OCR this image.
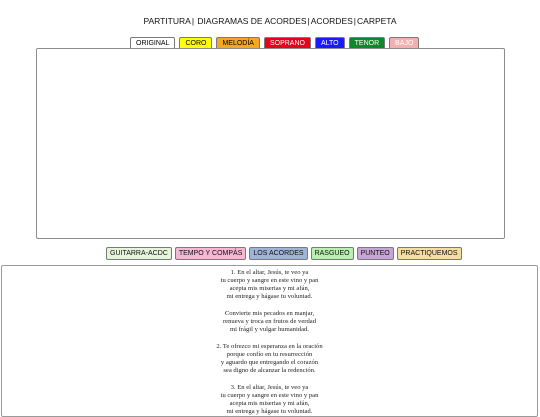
PARTITURA| DIAGRAMAS DE ACORDES|ACORDES|CARPETA
ORIGINAL	CORO	MELODÍA	SOPRANO	ALTO	TENOR	BAJO
GUITARRA-ACDC	TEMPO Y COMPÁS	LOS ACORDES	RASGUEO	PUNTEO	PRACTIQUEMOS
1. En el altar, Jesús, te veo ya
tu cuerpo y sangre en este vino y pan
acepta mis miserias y mi afán,
mi entrega y hágase tu voluntad.
Convierte mis pecados en manjar,
renueva y troca en frutos de verdad
mi frágil y vulgar humanidad.
2. Te ofrezco mi esperanza en la oración
porque confío en tu resurrección
y aguardo que entregando el corazón
sea digno de alcanzar la redención.
3. En el altar, Jesús, te veo ya
tu cuerpo y sangre en este vino y pan
acepta mis miserias y mi afán,
mi entrega y hágase tu voluntad.
